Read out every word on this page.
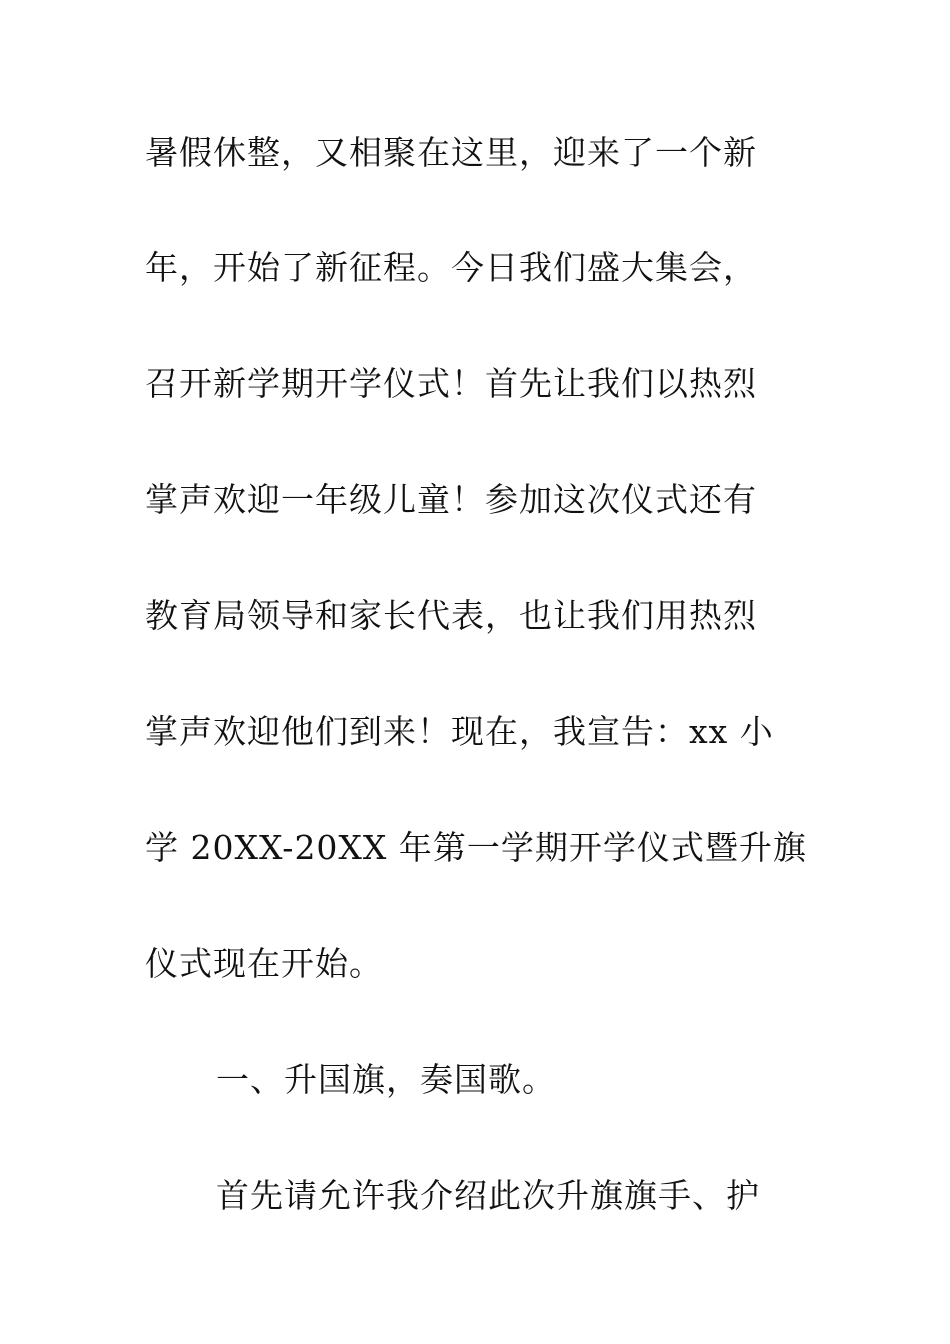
暑假休整，又相聚在这里，迎来了一个新
年，开始了新征程。今日我们盛大集会，
召开新学期开学仪式！首先让我们以热烈
掌声欢迎一年级儿童！参加这次仪式还有
教育局领导和家长代表，也让我们用热烈
掌声欢迎他们到来！现在，我宣告：xx 小
学 20XX-20XX 年第一学期开学仪式暨升旗
仪式现在开始。
一、升国旗，奏国歌。
首先请允许我介绍此次升旗旗手、护
